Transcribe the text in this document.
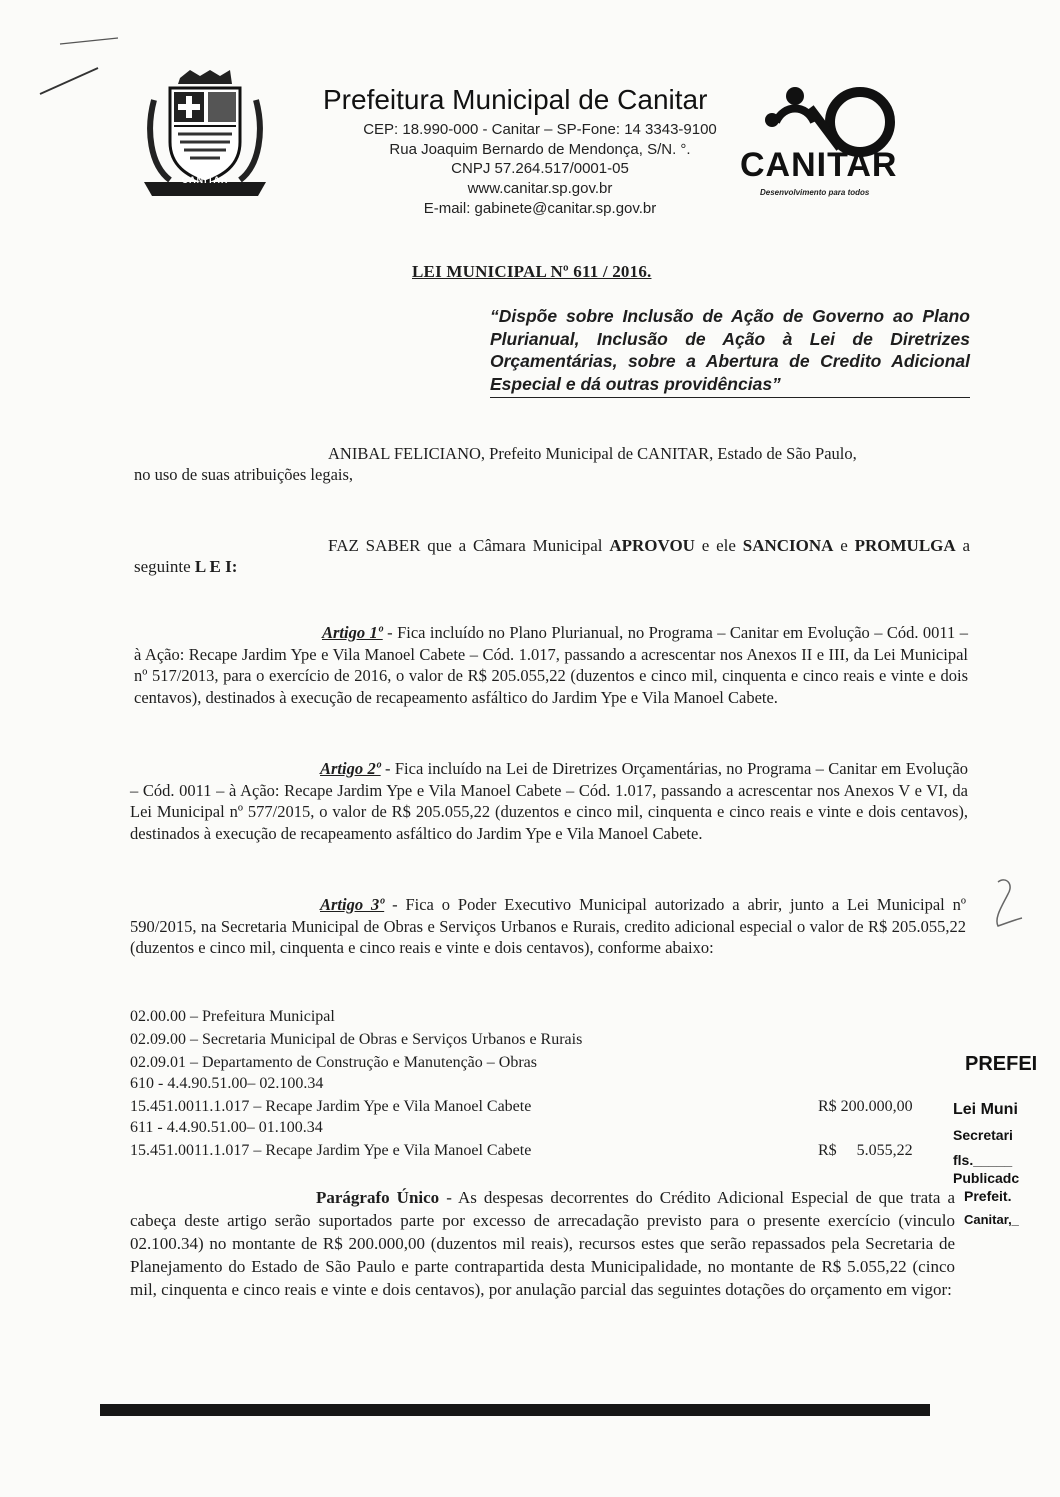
CANITAR
Prefeitura Municipal de Canitar
CEP: 18.990-000 - Canitar – SP-Fone: 14 3343-9100
Rua Joaquim Bernardo de Mendonça, S/N. °.
CNPJ 57.264.517/0001-05
www.canitar.sp.gov.br
E-mail: gabinete@canitar.sp.gov.br
CANITAR
Desenvolvimento para todos
LEI MUNICIPAL Nº 611 / 2016.
“Dispõe sobre Inclusão de Ação de Governo ao Plano Plurianual, Inclusão de Ação à Lei de Diretrizes Orçamentárias, sobre a Abertura de Credito Adicional Especial e dá outras providências”

ANIBAL FELICIANO, Prefeito Municipal de CANITAR, Estado de São Paulo,

no uso de suas atribuições legais,

FAZ SABER que a Câmara Municipal APROVOU e ele SANCIONA e PROMULGA a seguinte L E I:

Artigo 1º - Fica incluído no Plano Plurianual, no Programa – Canitar em Evolução – Cód. 0011 – à Ação: Recape Jardim Ype e Vila Manoel Cabete – Cód. 1.017, passando a acrescentar nos Anexos II e III, da Lei Municipal nº 517/2013, para o exercício de 2016, o valor de R$ 205.055,22 (duzentos e cinco mil, cinquenta e cinco reais e vinte e dois centavos), destinados à execução de recapeamento asfáltico do Jardim Ype e Vila Manoel Cabete.

Artigo 2º - Fica incluído na Lei de Diretrizes Orçamentárias, no Programa – Canitar em Evolução – Cód. 0011 – à Ação: Recape Jardim Ype e Vila Manoel Cabete – Cód. 1.017, passando a acrescentar nos Anexos V e VI, da Lei Municipal nº 577/2015, o valor de R$ 205.055,22 (duzentos e cinco mil, cinquenta e cinco reais e vinte e dois centavos), destinados à execução de recapeamento asfáltico do Jardim Ype e Vila Manoel Cabete.

Artigo 3º - Fica o Poder Executivo Municipal autorizado a abrir, junto a Lei Municipal nº 590/2015, na Secretaria Municipal de Obras e Serviços Urbanos e Rurais, credito adicional especial o valor de R$ 205.055,22 (duzentos e cinco mil, cinquenta e cinco reais e vinte e dois centavos), conforme abaixo:

02.00.00 – Prefeitura Municipal
02.09.00 – Secretaria Municipal de Obras e Serviços Urbanos e Rurais
02.09.01 – Departamento de Construção e Manutenção – Obras
610 - 4.4.90.51.00– 02.100.34
15.451.0011.1.017 – Recape Jardim Ype e Vila Manoel Cabete	R$ 200.000,00
611 - 4.4.90.51.00– 01.100.34
15.451.0011.1.017 – Recape Jardim Ype e Vila Manoel Cabete	R$     5.055,22

Parágrafo Único - As despesas decorrentes do Crédito Adicional Especial de que trata a cabeça deste artigo serão suportados parte por excesso de arrecadação previsto para o presente exercício (vinculo 02.100.34) no montante de R$ 200.000,00 (duzentos mil reais), recursos estes que serão repassados pela Secretaria de Planejamento do Estado de São Paulo e parte contrapartida desta Municipalidade, no montante de R$ 5.055,22 (cinco mil, cinquenta e cinco reais e vinte e dois centavos), por anulação parcial das seguintes dotações do orçamento em vigor:

PREFEI
Lei Muni
Secretari
fls._____
Publicadc
Prefeit.
Canitar,_
